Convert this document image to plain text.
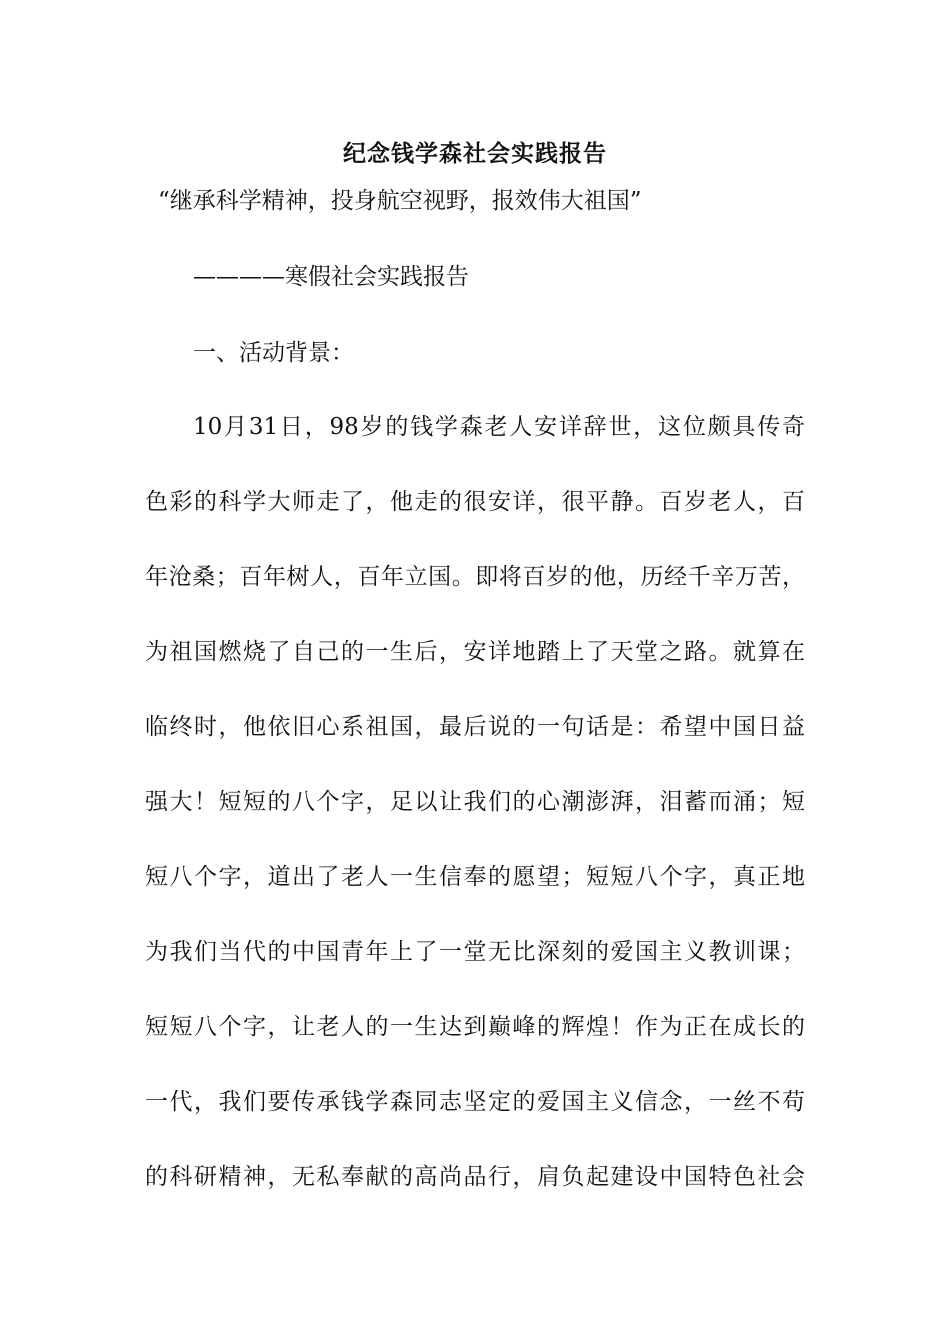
纪念钱学森社会实践报告
“继承科学精神，投身航空视野，报效伟大祖国”
————寒假社会实践报告
一、活动背景：
10月31日，98岁的钱学森老人安详辞世，这位颇具传奇
色彩的科学大师走了，他走的很安详，很平静。百岁老人，百
年沧桑；百年树人，百年立国。即将百岁的他，历经千辛万苦，
为祖国燃烧了自己的一生后，安详地踏上了天堂之路。就算在
临终时，他依旧心系祖国，最后说的一句话是：希望中国日益
强大！短短的八个字，足以让我们的心潮澎湃，泪蓄而涌；短
短八个字，道出了老人一生信奉的愿望；短短八个字，真正地
为我们当代的中国青年上了一堂无比深刻的爱国主义教训课；
短短八个字，让老人的一生达到巅峰的辉煌！作为正在成长的
一代，我们要传承钱学森同志坚定的爱国主义信念，一丝不苟
的科研精神，无私奉献的高尚品行，肩负起建设中国特色社会
